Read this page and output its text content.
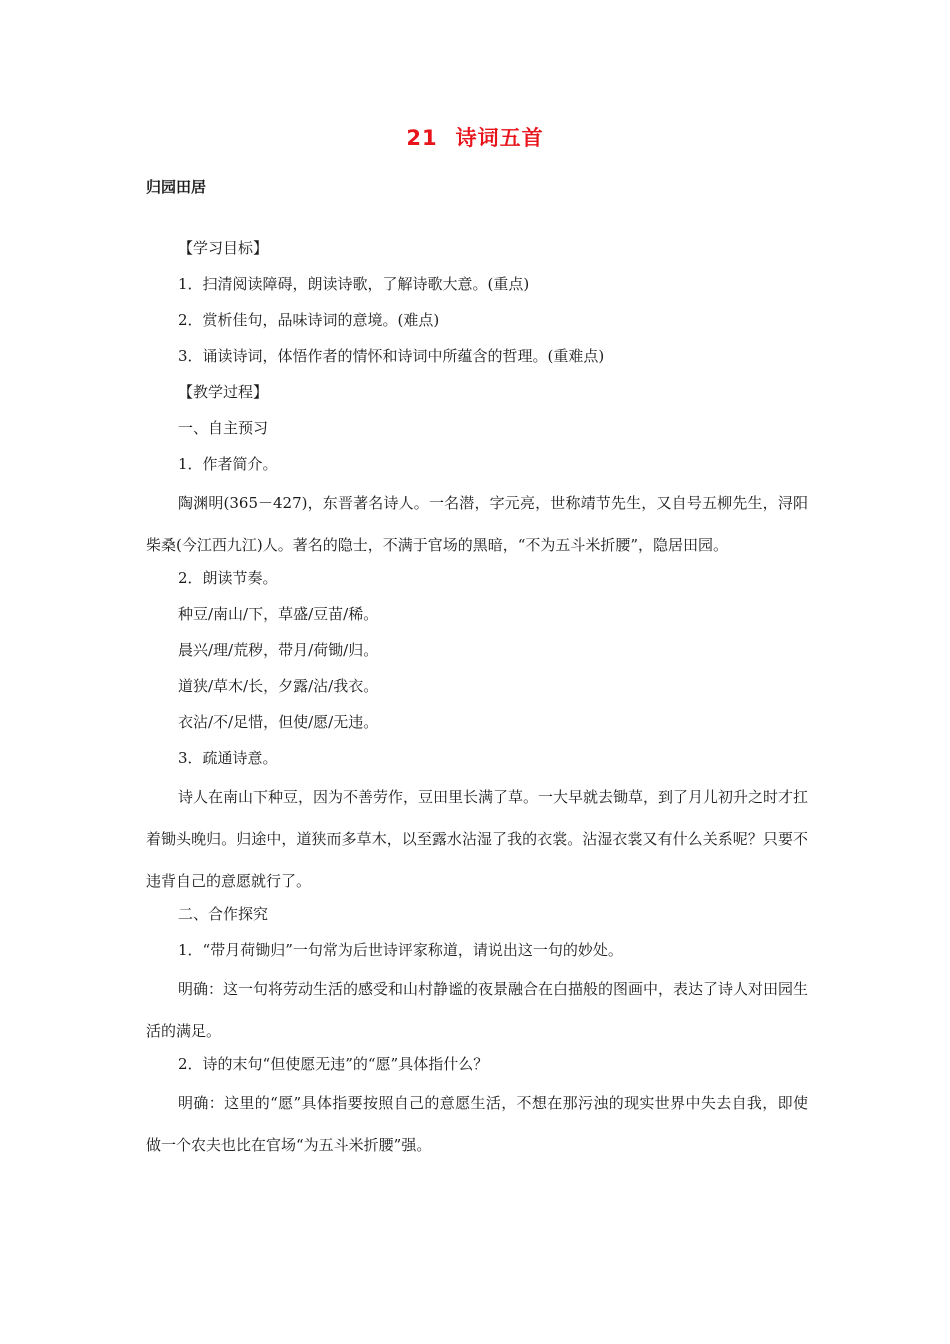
21 诗词五首
归园田居
【学习目标】
1．扫清阅读障碍，朗读诗歌，了解诗歌大意。(重点)
2．赏析佳句，品味诗词的意境。(难点)
3．诵读诗词，体悟作者的情怀和诗词中所蕴含的哲理。(重难点)
【教学过程】
一、自主预习
1．作者简介。
陶渊明(365－427)，东晋著名诗人。一名潜，字元亮，世称靖节先生，又自号五柳先生，浔阳柴桑(今江西九江)人。著名的隐士，不满于官场的黑暗，“不为五斗米折腰”，隐居田园。
2．朗读节奏。
种豆/南山/下，草盛/豆苗/稀。
晨兴/理/荒秽，带月/荷锄/归。
道狭/草木/长，夕露/沾/我衣。
衣沾/不/足惜，但使/愿/无违。
3．疏通诗意。
诗人在南山下种豆，因为不善劳作，豆田里长满了草。一大早就去锄草，到了月儿初升之时才扛着锄头晚归。归途中，道狭而多草木，以至露水沾湿了我的衣裳。沾湿衣裳又有什么关系呢？只要不违背自己的意愿就行了。
二、合作探究
1．“带月荷锄归”一句常为后世诗评家称道，请说出这一句的妙处。
明确：这一句将劳动生活的感受和山村静谧的夜景融合在白描般的图画中，表达了诗人对田园生活的满足。
2．诗的末句“但使愿无违”的“愿”具体指什么？
明确：这里的“愿”具体指要按照自己的意愿生活，不想在那污浊的现实世界中失去自我，即使做一个农夫也比在官场“为五斗米折腰”强。
